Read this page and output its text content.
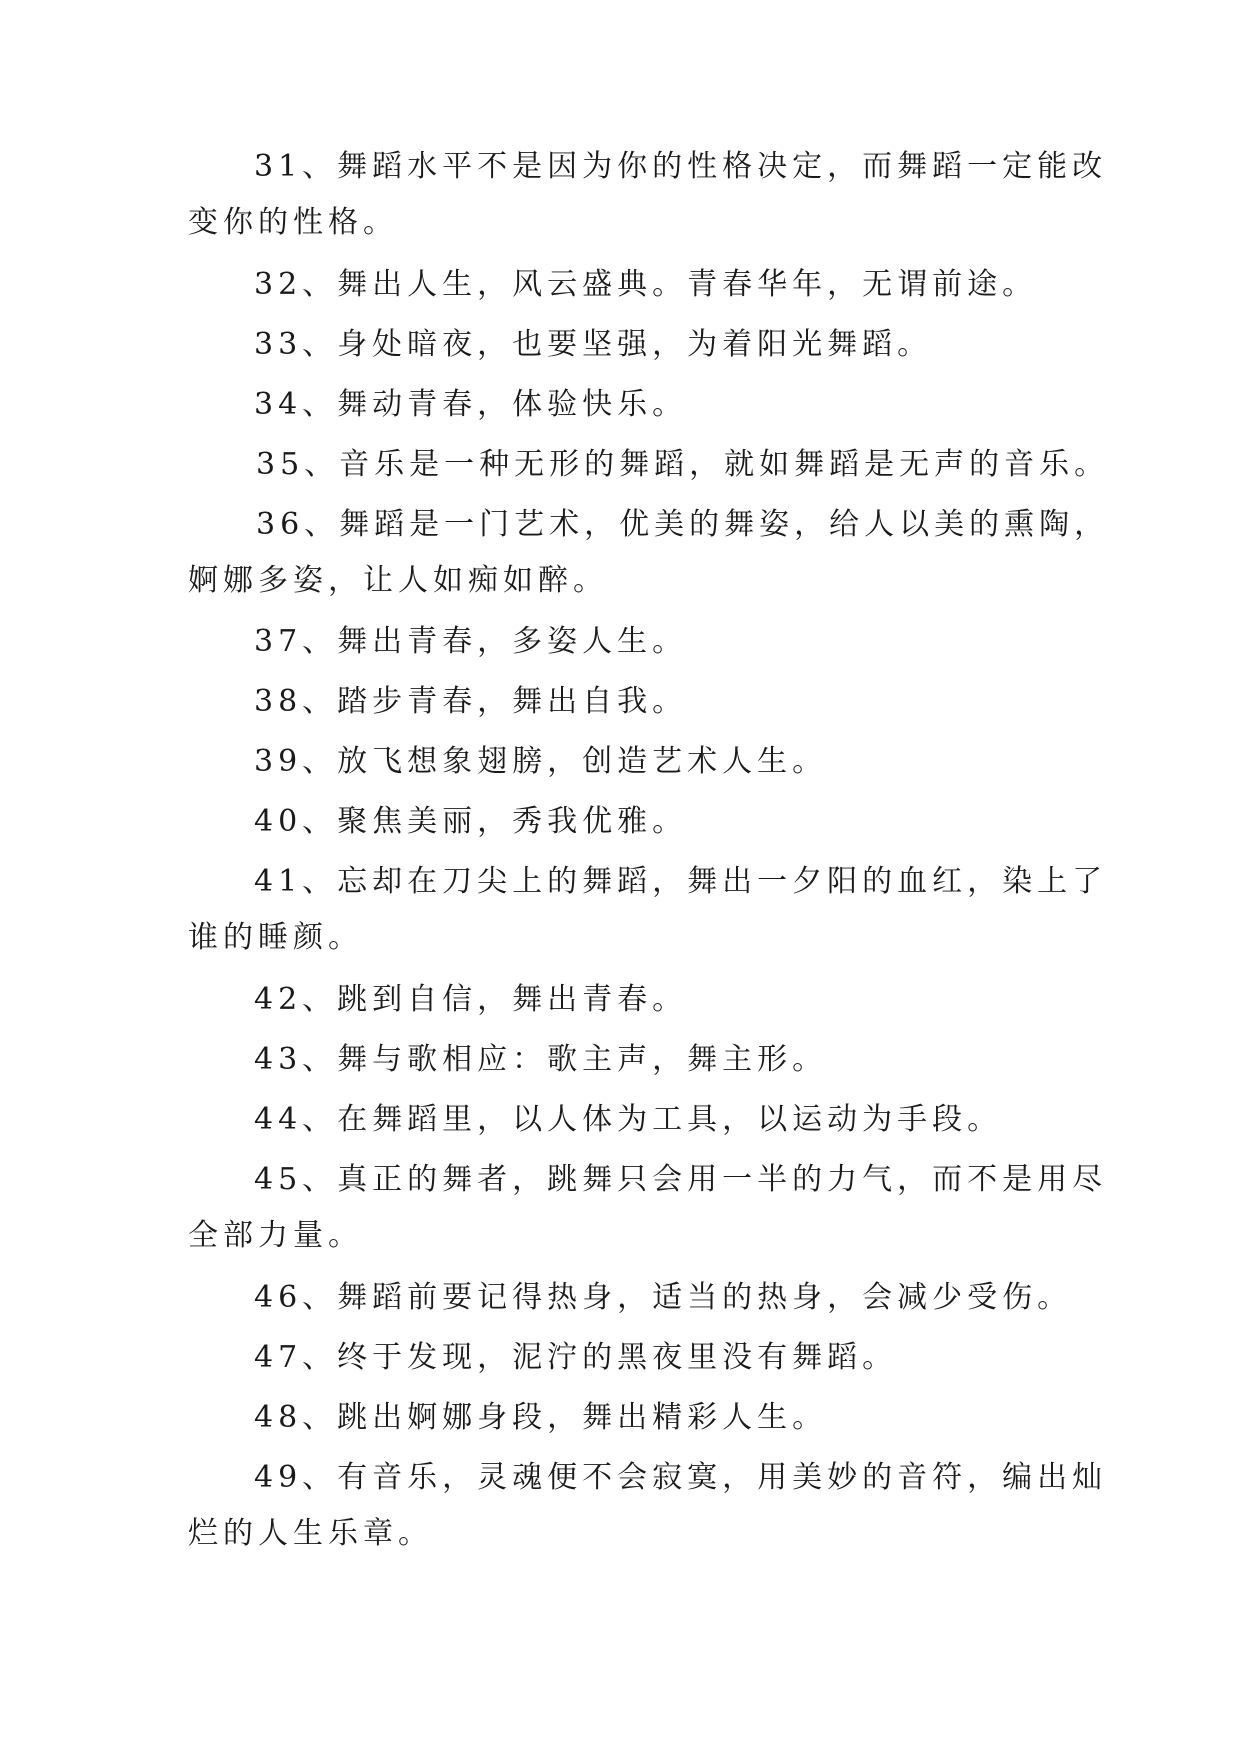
31、舞蹈水平不是因为你的性格决定，而舞蹈一定能改
变你的性格。
32、舞出人生，风云盛典。青春华年，无谓前途。
33、身处暗夜，也要坚强，为着阳光舞蹈。
34、舞动青春，体验快乐。
35、音乐是一种无形的舞蹈，就如舞蹈是无声的音乐。
36、舞蹈是一门艺术，优美的舞姿，给人以美的熏陶，
婀娜多姿，让人如痴如醉。
37、舞出青春，多姿人生。
38、踏步青春，舞出自我。
39、放飞想象翅膀，创造艺术人生。
40、聚焦美丽，秀我优雅。
41、忘却在刀尖上的舞蹈，舞出一夕阳的血红，染上了
谁的睡颜。
42、跳到自信，舞出青春。
43、舞与歌相应：歌主声，舞主形。
44、在舞蹈里，以人体为工具，以运动为手段。
45、真正的舞者，跳舞只会用一半的力气，而不是用尽
全部力量。
46、舞蹈前要记得热身，适当的热身，会减少受伤。
47、终于发现，泥泞的黑夜里没有舞蹈。
48、跳出婀娜身段，舞出精彩人生。
49、有音乐，灵魂便不会寂寞，用美妙的音符，编出灿
烂的人生乐章。
